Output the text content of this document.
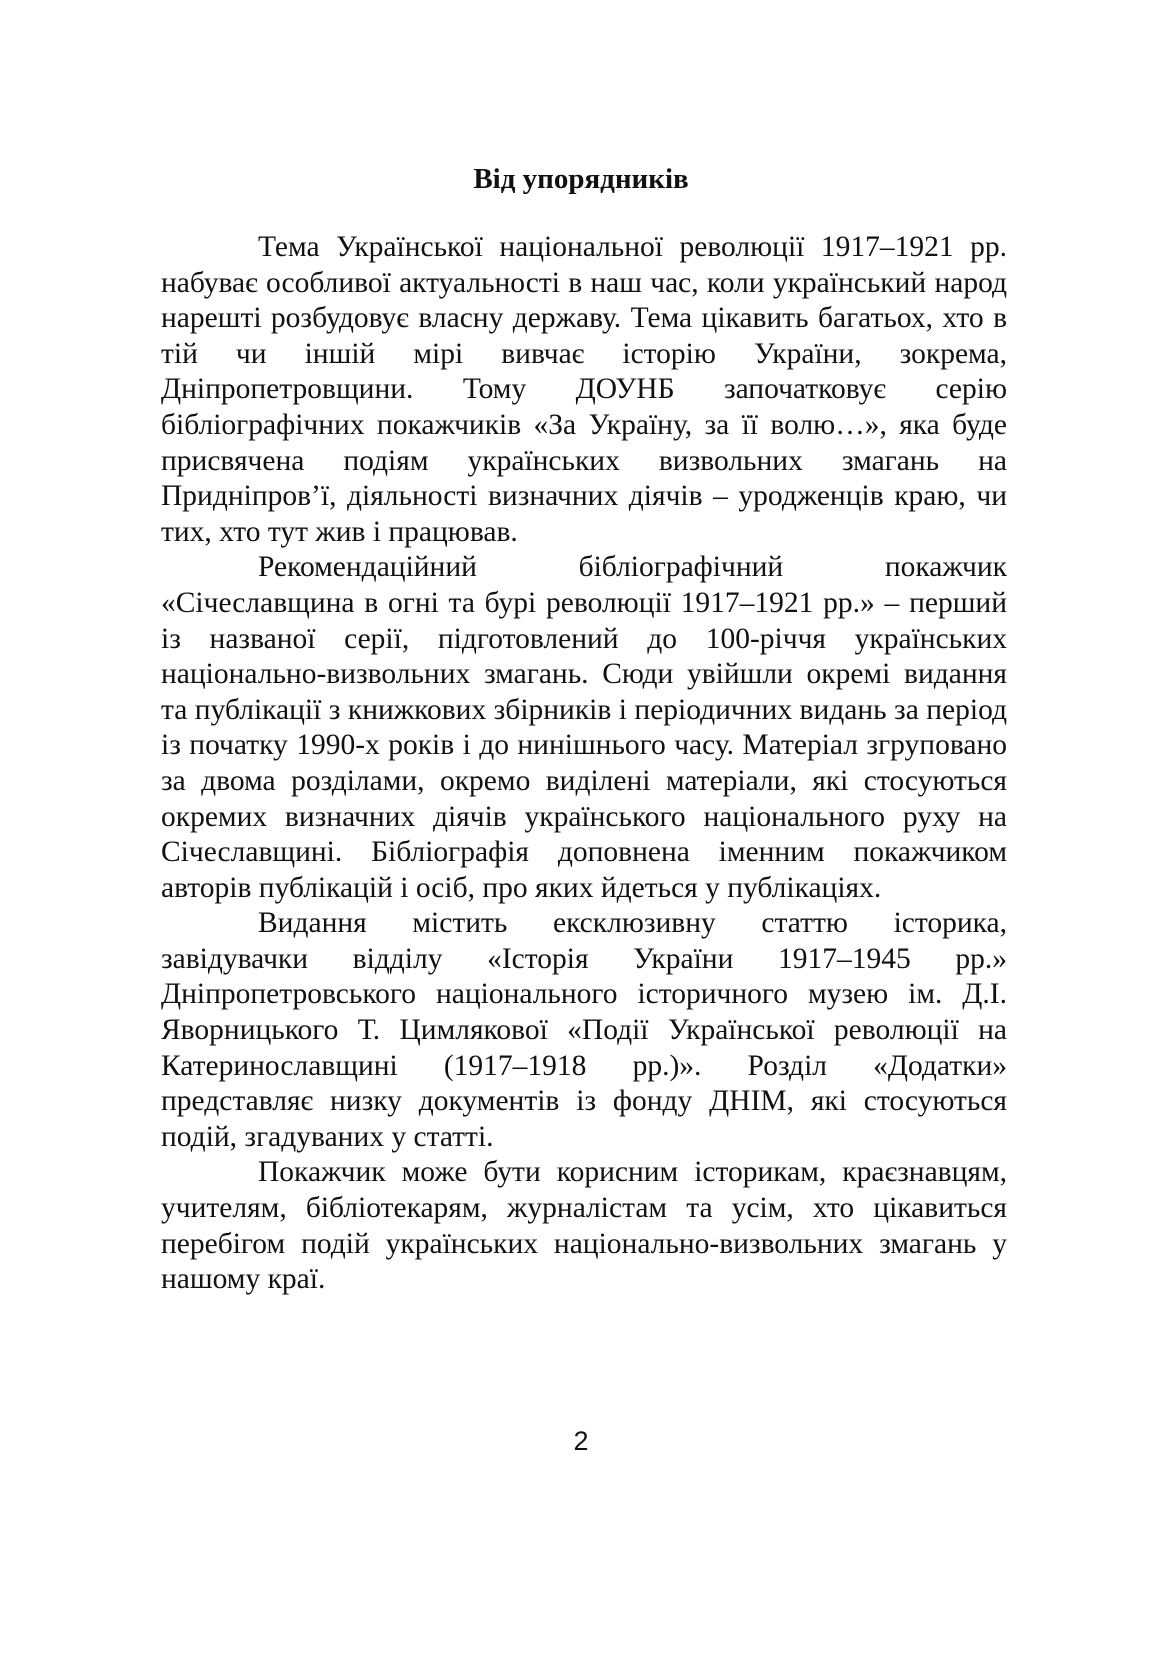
Від упорядників

Тема Української національної революції 1917–1921 рр. набуває особливої актуальності в наш час, коли український народ нарешті розбудовує власну державу. Тема цікавить багатьох, хто в тій чи іншій мірі вивчає історію України, зокрема, Дніпропетровщини. Тому ДОУНБ започатковує серію бібліографічних покажчиків «За Україну, за її волю…», яка буде присвячена подіям українських визвольних змагань на Придніпров’ї, діяльності визначних діячів – уродженців краю, чи тих, хто тут жив і працював.

Рекомендаційний бібліографічний покажчик «Січеславщина в огні та бурі революції 1917–1921 рр.» – перший із названої серії, підготовлений до 100-річчя українських національно-визвольних змагань. Сюди увійшли окремі видання та публікації з книжкових збірників і періодичних видань за період із початку 1990-х років і до нинішнього часу. Матеріал згруповано за двома розділами, окремо виділені матеріали, які стосуються окремих визначних діячів українського національного руху на Січеславщині. Бібліографія доповнена іменним покажчиком авторів публікацій і осіб, про яких йдеться у публікаціях.

Видання містить ексклюзивну статтю історика, завідувачки відділу «Історія України 1917–1945 рр.» Дніпропетровського національного історичного музею ім. Д.І. Яворницького Т. Цимлякової «Події Української революції на Катеринославщині (1917–1918 рр.)». Розділ «Додатки» представляє низку документів із фонду ДНІМ, які стосуються подій, згадуваних у статті.

Покажчик може бути корисним історикам, краєзнавцям, учителям, бібліотекарям, журналістам та усім, хто цікавиться перебігом подій українських національно-визвольних змагань у нашому краї.

2
